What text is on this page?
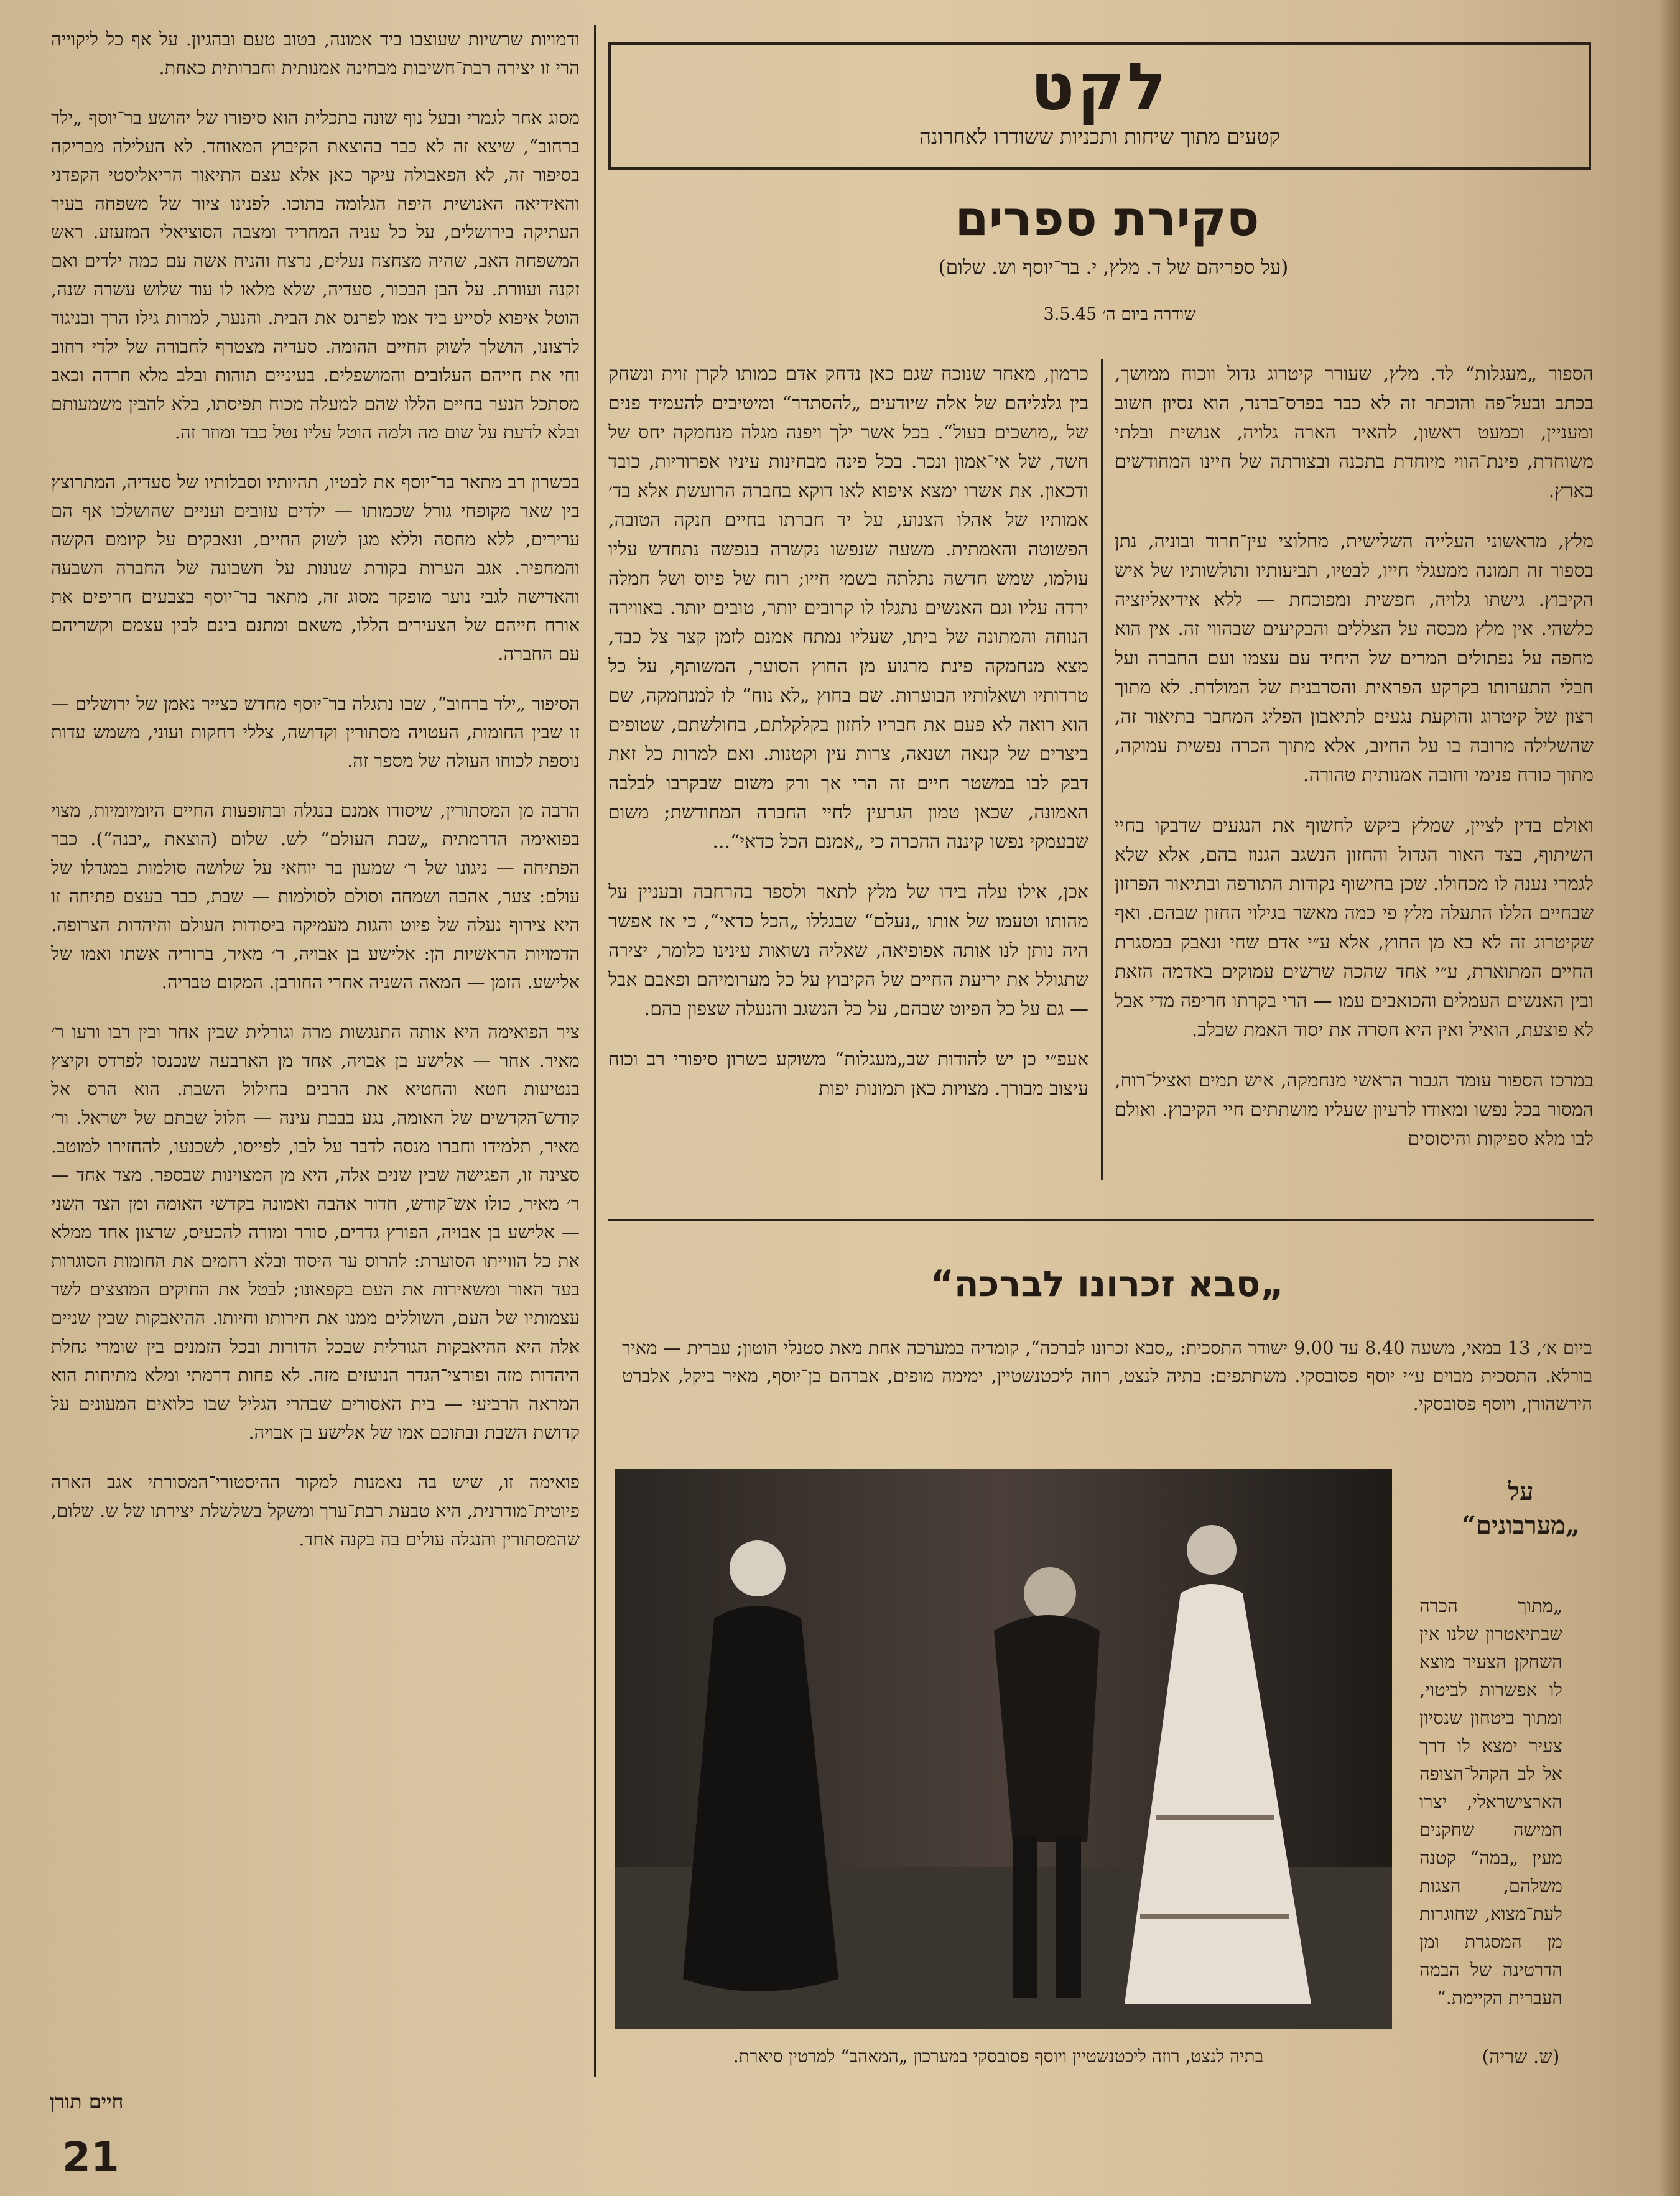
לקט
קטעים מתוך שיחות ותכניות ששודרו לאחרונה
סקירת ספרים
(על ספריהם של ד. מלץ, י. בר־יוסף וש. שלום)
שודרה ביום ה׳ 3.5.45

הספור „מעגלות“ לד. מלץ, שעורר קיטרוג גדול ווכוח ממושך, בכתב ובעל־פה והוכתר זה לא כבר בפרס־ברנר, הוא נסיון חשוב ומעניין, וכמעט ראשון, להאיר הארה גלויה, אנושית ובלתי משוחדת, פינת־הווי מיוחדת בתכנה ובצורתה של חיינו המחודשים בארץ.

מלץ, מראשוני העלייה השלישית, מחלוצי עין־חרוד ובוניה, נתן בספור זה תמונה ממעגלי חייו, לבטיו, תביעותיו ותולשותיו של איש הקיבוץ. גישתו גלויה, חפשית ומפוכחת — ללא אידיאליזציה כלשהי. אין מלץ מכסה על הצללים והבקיעים שבהווי זה. אין הוא מחפה על נפתולים המרים של היחיד עם עצמו ועם החברה ועל חבלי התערותו בקרקע הפראית והסרבנית של המולדת. לא מתוך רצון של קיטרוג והוקעת נגעים לתיאבון הפליג המחבר בתיאור זה, שהשלילה מרובה בו על החיוב, אלא מתוך הכרה נפשית עמוקה, מתוך כורח פנימי וחובה אמנותית טהורה.

ואולם בדין לציין, שמלץ ביקש לחשוף את הנגעים שדבקו בחיי השיתוף, בצד האור הגדול והחזון הנשגב הגנוז בהם, אלא שלא לגמרי נענה לו מכחולו. שכן בחישוף נקודות התורפה ובתיאור הפרזון שבחיים הללו התעלה מלץ פי כמה מאשר בגילוי החזון שבהם. ואף שקיטרוג זה לא בא מן החוץ, אלא ע״י אדם שחי ונאבק במסגרת החיים המתוארת, ע״י אחד שהכה שרשים עמוקים באדמה הזאת ובין האנשים העמלים והכואבים עמו — הרי בקרתו חריפה מדי אבל לא פוצעת, הואיל ואין היא חסרה את יסוד האמת שבלב.

במרכז הספור עומד הגבור הראשי מנחמקה, איש תמים ואציל־רוח, המסור בכל נפשו ומאודו לרעיון שעליו מושתתים חיי הקיבוץ. ואולם לבו מלא ספיקות והיסוסים

כרמון, מאחר שנוכח שגם כאן נדחק אדם כמותו לקרן זוית ונשחק בין גלגליהם של אלה שיודעים „להסתדר“ ומיטיבים להעמיד פנים של „מושכים בעול“. בכל אשר ילך ויפנה מגלה מנחמקה יחס של חשד, של אי־אמון ונכר. בכל פינה מבחינות עיניו אפרוריות, כובד ודכאון. את אשרו ימצא איפוא לאו דוקא בחברה הרועשת אלא בד׳ אמותיו של אהלו הצנוע, על יד חברתו בחיים חנקה הטובה, הפשוטה והאמתית. משעה שנפשו נקשרה בנפשה נתחדש עליו עולמו, שמש חדשה נתלתה בשמי חייו; רוח של פיוס ושל חמלה ירדה עליו וגם האנשים נתגלו לו קרובים יותר, טובים יותר. באווירה הנוחה והמתונה של ביתו, שעליו נמתח אמנם לזמן קצר צל כבד, מצא מנחמקה פינת מרגוע מן החוץ הסוער, המשותף, על כל טרדותיו ושאלותיו הבוערות. שם בחוץ „לא נוח“ לו למנחמקה, שם הוא רואה לא פעם את חבריו לחזון בקלקלתם, בחולשתם, שטופים ביצרים של קנאה ושנאה, צרות עין וקטנות. ואם למרות כל זאת דבק לבו במשטר חיים זה הרי אך ורק משום שבקרבו לבלבה האמונה, שכאן טמון הגרעין לחיי החברה המחודשת; משום שבעמקי נפשו קיננה ההכרה כי „אמנם הכל כדאי“...

אכן, אילו עלה בידו של מלץ לתאר ולספר בהרחבה ובעניין על מהותו וטעמו של אותו „נעלם“ שבגללו „הכל כדאי“, כי אז אפשר היה נותן לנו אותה אפופיאה, שאליה נשואות עינינו כלומר, יצירה שתגולל את יריעת החיים של הקיבוץ על כל מערומיהם ופאבם אבל — גם על כל הפיוט שבהם, על כל הנשגב והנעלה שצפון בהם.

אעפ״י כן יש להודות שב„מעגלות“ משוקע כשרון סיפורי רב וכוח עיצוב מבורך. מצויות כאן תמונות יפות

ודמויות שרשיות שעוצבו ביד אמונה, בטוב טעם ובהגיון. על אף כל ליקוייה הרי זו יצירה רבת־חשיבות מבחינה אמנותית וחברותית כאחת.

מסוג אחר לגמרי ובעל נוף שונה בתכלית הוא סיפורו של יהושע בר־יוסף „ילד ברחוב“, שיצא זה לא כבר בהוצאת הקיבוץ המאוחד. לא העלילה מבריקה בסיפור זה, לא הפאבולה עיקר כאן אלא עצם התיאור הריאליסטי הקפדני והאידיאה האנושית היפה הגלומה בתוכו. לפנינו ציור של משפחה בעיר העתיקה בירושלים, על כל עניה המחריד ומצבה הסוציאלי המזעזע. ראש המשפחה האב, שהיה מצחצח נעלים, נרצח והניח אשה עם כמה ילדים ואם זקנה ועוורת. על הבן הבכור, סעדיה, שלא מלאו לו עוד שלוש עשרה שנה, הוטל איפוא לסייע ביד אמו לפרנס את הבית. והנער, למרות גילו הרך ובניגוד לרצונו, הושלך לשוק החיים ההומה. סעדיה מצטרף לחבורה של ילדי רחוב וחי את חייהם העלובים והמושפלים. בעיניים תוהות ובלב מלא חרדה וכאב מסתכל הנער בחיים הללו שהם למעלה מכוח תפיסתו, בלא להבין משמעותם ובלא לדעת על שום מה ולמה הוטל עליו נטל כבד ומוזר זה.

בכשרון רב מתאר בר־יוסף את לבטיו, תהיותיו וסבלותיו של סעדיה, המתרוצץ בין שאר מקופחי גורל שכמותו — ילדים עזובים ועניים שהושלכו אף הם ערירים, ללא מחסה וללא מגן לשוק החיים, ונאבקים על קיומם הקשה והמחפיר. אגב הערות בקורת שנונות על חשבונה של החברה השבעה והאדישה לגבי נוער מופקר מסוג זה, מתאר בר־יוסף בצבעים חריפים את אורח חייהם של הצעירים הללו, משאם ומתנם בינם לבין עצמם וקשריהם עם החברה.

הסיפור „ילד ברחוב“, שבו נתגלה בר־יוסף מחדש כצייר נאמן של ירושלים — זו שבין החומות, העטויה מסתורין וקדושה, צללי דחקות ועוני, משמש עדות נוספת לכוחו העולה של מספר זה.

הרבה מן המסתורין, שיסודו אמנם בנגלה ובתופעות החיים היומיומיות, מצוי בפואימה הדרמתית „שבת העולם“ לש. שלום (הוצאת „יבנה“). כבר הפתיחה — ניגונו של ר׳ שמעון בר יוחאי על שלושה סולמות במגדלו של עולם: צער, אהבה ושמחה וסולם לסולמות — שבת, כבר בעצם פתיחה זו היא צירוף נעלה של פיוט והגות מעמיקה ביסודות העולם והיהדות הצרופה. הדמויות הראשיות הן: אלישע בן אבויה, ר׳ מאיר, ברוריה אשתו ואמו של אלישע. הזמן — המאה השניה אחרי החורבן. המקום טבריה.

ציר הפואימה היא אותה התנגשות מרה וגורלית שבין אחר ובין רבו ורעו ר׳ מאיר. אחר — אלישע בן אבויה, אחד מן הארבעה שנכנסו לפרדס וקיצץ בנטיעות חטא והחטיא את הרבים בחילול השבת. הוא הרס אל קודש־הקדשים של האומה, נגע בבבת עינה — חלול שבתם של ישראל. ור׳ מאיר, תלמידו וחברו מנסה לדבר על לבו, לפייסו, לשכנעו, להחזירו למוטב. סצינה זו, הפגישה שבין שנים אלה, היא מן המצוינות שבספר. מצד אחד — ר׳ מאיר, כולו אש־קודש, חדור אהבה ואמונה בקדשי האומה ומן הצד השני — אלישע בן אבויה, הפורץ גדרים, סורר ומורה להכעיס, שרצון אחד ממלא את כל הווייתו הסוערת: להרוס עד היסוד ובלא רחמים את החומות הסוגרות בעד האור ומשאירות את העם בקפאונו; לבטל את החוקים המוצצים לשד עצמותיו של העם, השוללים ממנו את חירותו וחיותו. ההיאבקות שבין שניים אלה היא ההיאבקות הגורלית שבכל הדורות ובכל הזמנים בין שומרי גחלת היהדות מזה ופורצי־הגדר הנועזים מזה. לא פחות דרמתי ומלא מתיחות הוא המראה הרביעי — בית האסורים שבהרי הגליל שבו כלואים המעונים על קדושת השבת ובתוכם אמו של אלישע בן אבויה.

פואימה זו, שיש בה נאמנות למקור ההיסטורי־המסורתי אגב הארה פיוטית־מודרנית, היא טבעת רבת־ערך ומשקל בשלשלת יצירתו של ש. שלום, שהמסתורין והנגלה עולים בה בקנה אחד.

חיים תורן
„סבא זכרונו לברכה“
ביום א׳, 13 במאי, משעה 8.40 עד 9.00 ישודר התסכית: „סבא זכרונו לברכה“, קומדיה במערכה אחת מאת סטנלי הוטון; עברית — מאיר בורלא. התסכית מבוים ע״י יוסף פסובסקי. משתתפים: בתיה לנצט, רוזה ליכטנשטיין, ימימה מופים, אברהם בן־יוסף, מאיר ביקל, אלברט הירשהורן, ויוסף פסובסקי.
בתיה לנצט, רוזה ליכטנשטיין ויוסף פסובסקי במערכון „המאהב“ למרטין סיארת.
על
„מערבונים“
„מתוך הכרה שבתיאטרון שלנו אין השחקן הצעיר מוצא לו אפשרות לביטוי, ומתוך ביטחון שנסיון צעיר ימצא לו דרך אל לב הקהל־הצופה הארצישראלי, יצרו חמישה שחקנים מעין „במה“ קטנה משלהם, הצגות לעת־מצוא, שחוגרות מן המסגרת ומן הדרטינה של הבמה העברית הקיימת.“
(ש. שריה)
21
